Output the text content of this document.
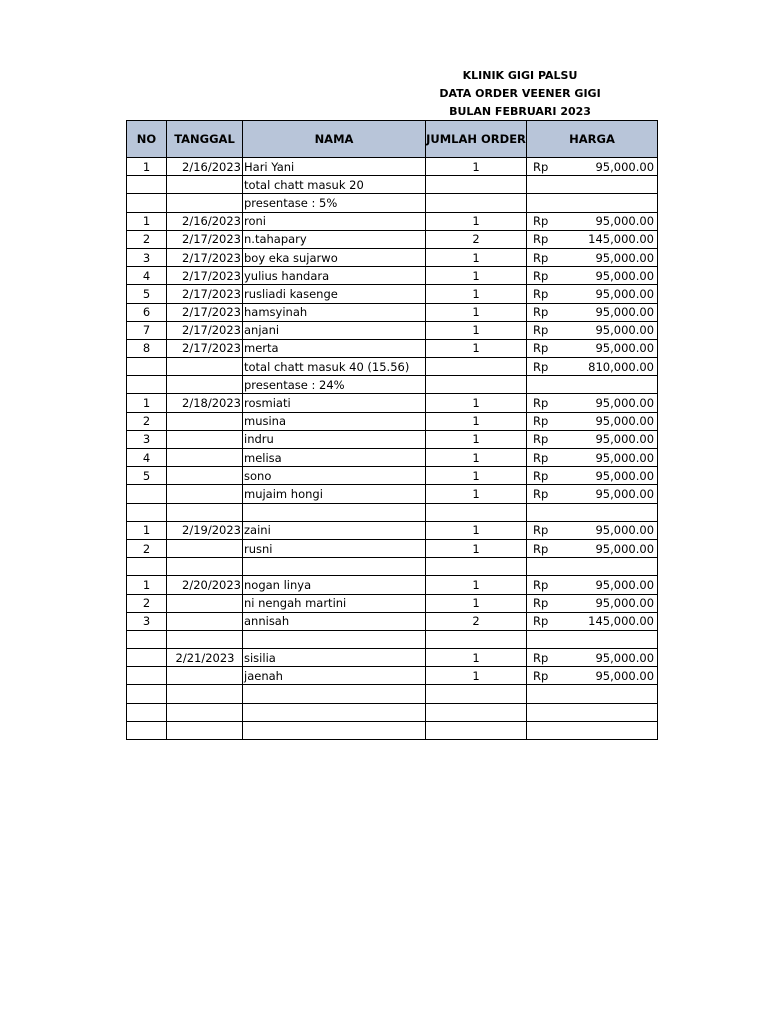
KLINIK GIGI PALSU
DATA ORDER VEENER GIGI
BULAN FEBRUARI 2023
NO	TANGGAL	NAMA	JUMLAH ORDER	HARGA	
1	2/16/2023	Hari Yani	1	Rp	95,000.00
		total chatt masuk 20			
		presentase : 5%			
1	2/16/2023	roni	1	Rp	95,000.00
2	2/17/2023	n.tahapary	2	Rp	145,000.00
3	2/17/2023	boy eka sujarwo	1	Rp	95,000.00
4	2/17/2023	yulius handara	1	Rp	95,000.00
5	2/17/2023	rusliadi kasenge	1	Rp	95,000.00
6	2/17/2023	hamsyinah	1	Rp	95,000.00
7	2/17/2023	anjani	1	Rp	95,000.00
8	2/17/2023	merta	1	Rp	95,000.00
		total chatt masuk 40 (15.56)		Rp	810,000.00
		presentase : 24%			
1	2/18/2023	rosmiati	1	Rp	95,000.00
2		musina	1	Rp	95,000.00
3		indru	1	Rp	95,000.00
4		melisa	1	Rp	95,000.00
5		sono	1	Rp	95,000.00
		mujaim hongi	1	Rp	95,000.00

1	2/19/2023	zaini	1	Rp	95,000.00
2		rusni	1	Rp	95,000.00

1	2/20/2023	nogan linya	1	Rp	95,000.00
2		ni nengah martini	1	Rp	95,000.00
3		annisah	2	Rp	145,000.00

	2/21/2023	sisilia	1	Rp	95,000.00
		jaenah	1	Rp	95,000.00
